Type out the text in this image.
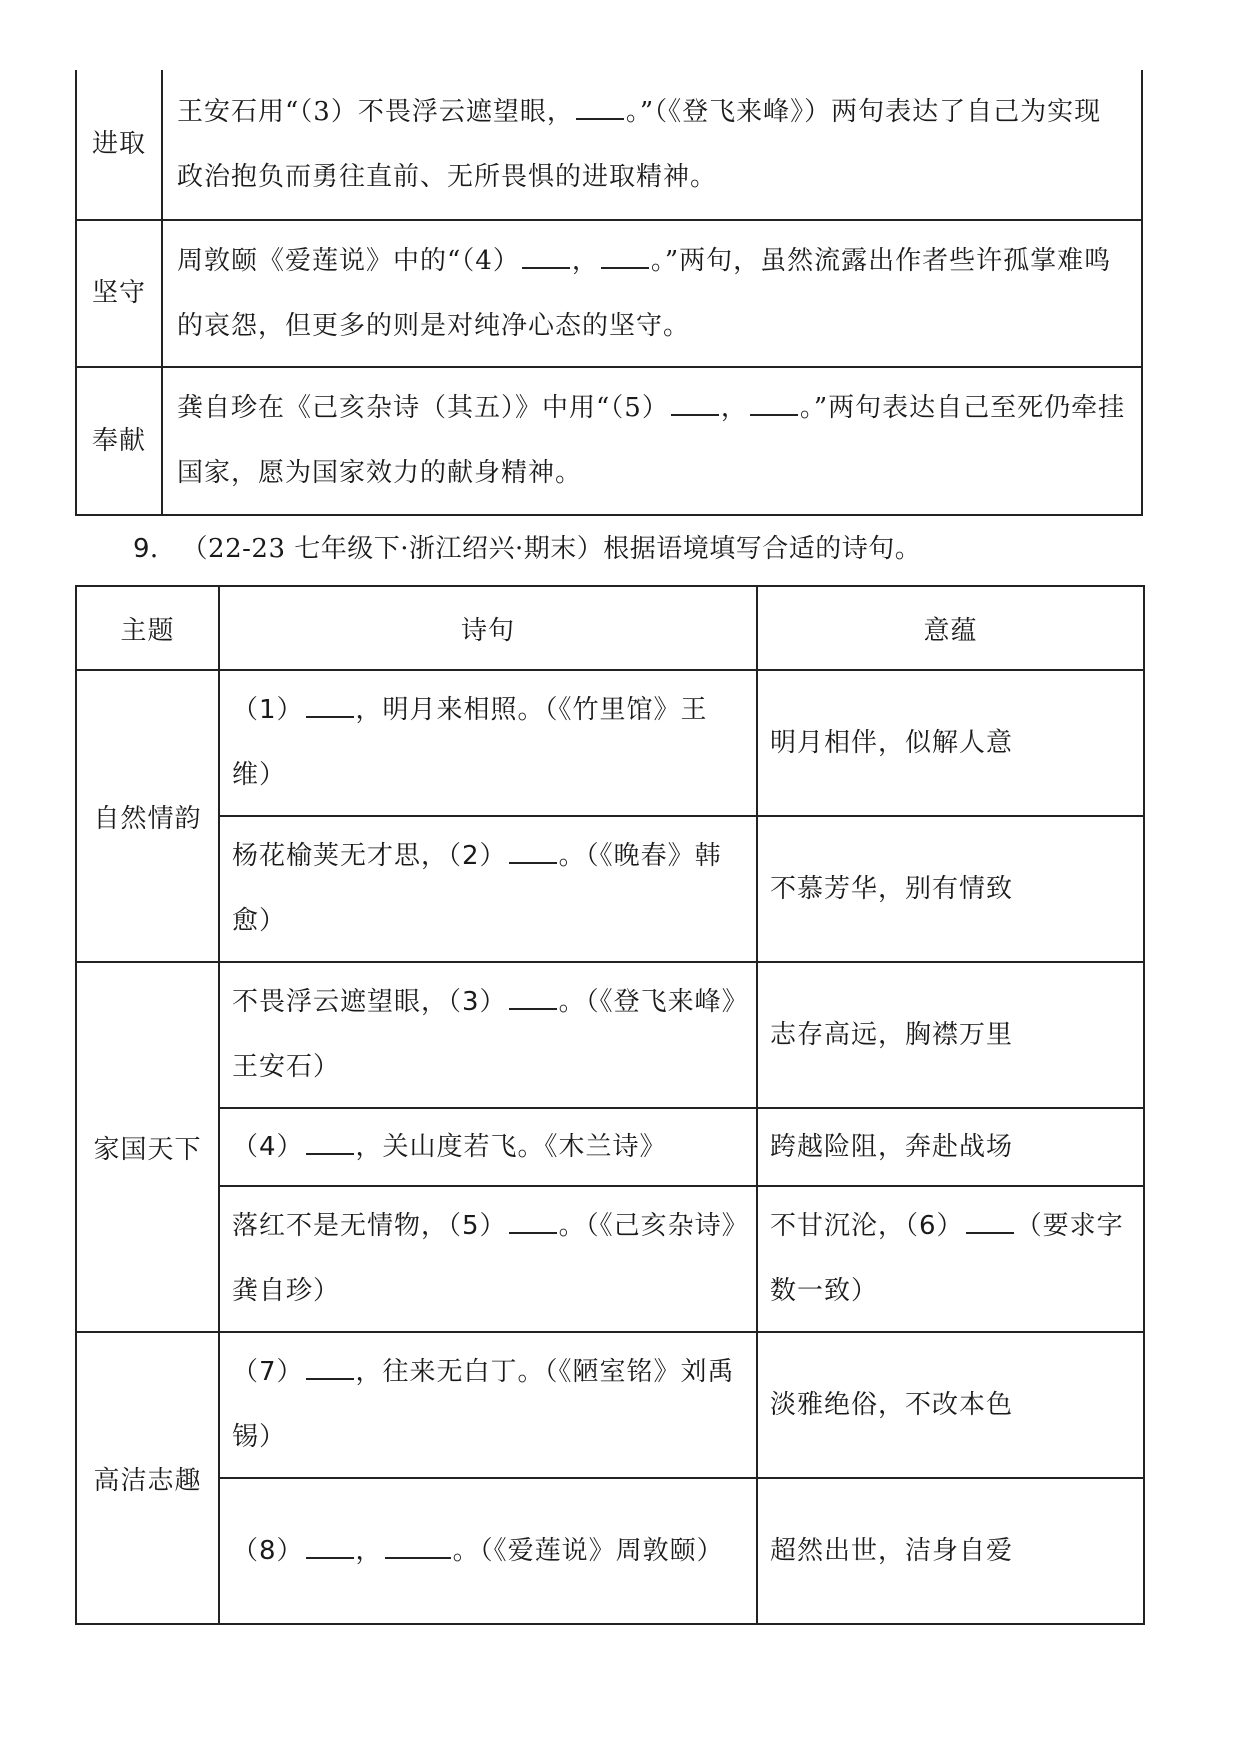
进取	王安石用“（3）不畏浮云遮望眼， 。”（《登飞来峰》）两句表达了自己为实现政治抱负而勇往直前、无所畏惧的进取精神。
坚守	周敦颐《爱莲说》中的“（4） ， 。”两句，虽然流露出作者些许孤掌难鸣的哀怨，但更多的则是对纯净心态的坚守。
奉献	龚自珍在《己亥杂诗（其五）》中用“（5） ， 。”两句表达自己至死仍牵挂国家，愿为国家效力的献身精神。
9． （22-23 七年级下·浙江绍兴·期末）根据语境填写合适的诗句。
主题	诗句	意蕴
自然情韵	（1） ，明月来相照。（《竹里馆》王维）	明月相伴，似解人意
	杨花榆荚无才思，（2） 。（《晚春》韩愈）	不慕芳华，别有情致
家国天下	不畏浮云遮望眼，（3） 。（《登飞来峰》王安石）	志存高远，胸襟万里
	（4） ，关山度若飞。《木兰诗》	跨越险阻，奔赴战场
	落红不是无情物，（5） 。（《己亥杂诗》龚自珍）	不甘沉沦，（6） （要求字数一致）
高洁志趣	（7） ，往来无白丁。（《陋室铭》刘禹锡）	淡雅绝俗，不改本色
	（8） ， 。（《爱莲说》周敦颐）	超然出世，洁身自爱
